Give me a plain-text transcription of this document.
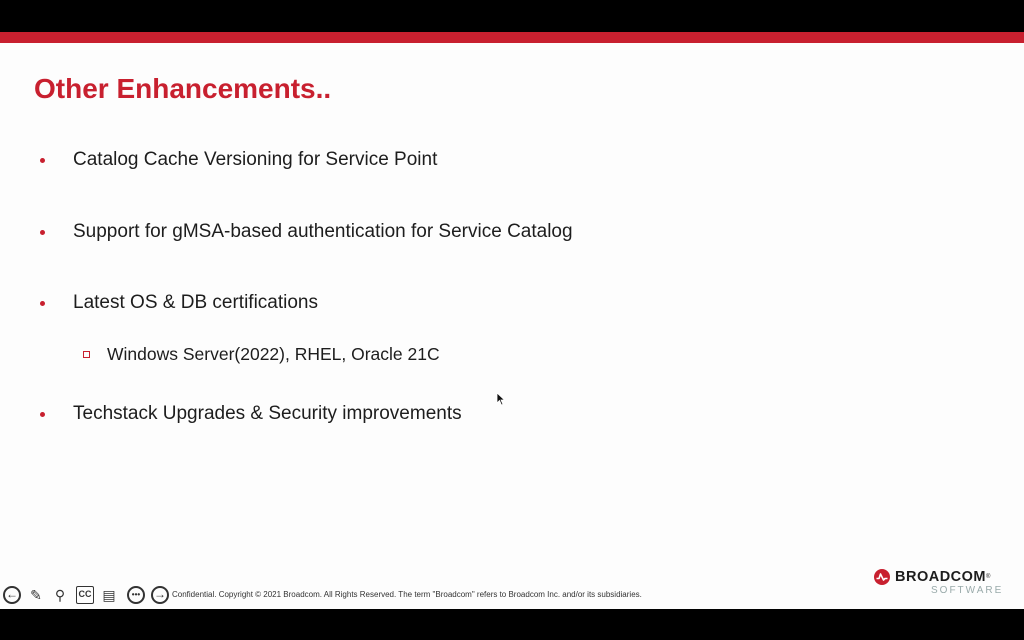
Other Enhancements..
Catalog Cache Versioning for Service Point
Support for gMSA-based authentication for Service Catalog
Latest OS & DB certifications
Windows Server(2022), RHEL, Oracle 21C
Techstack Upgrades & Security improvements
← ✎ ⚲	CC ▤	•••	→ Confidential. Copyright © 2021 Broadcom. All Rights Reserved. The term "Broadcom" refers to Broadcom Inc. and/or its subsidiaries.
BROADCOM ®
SOFTWARE
